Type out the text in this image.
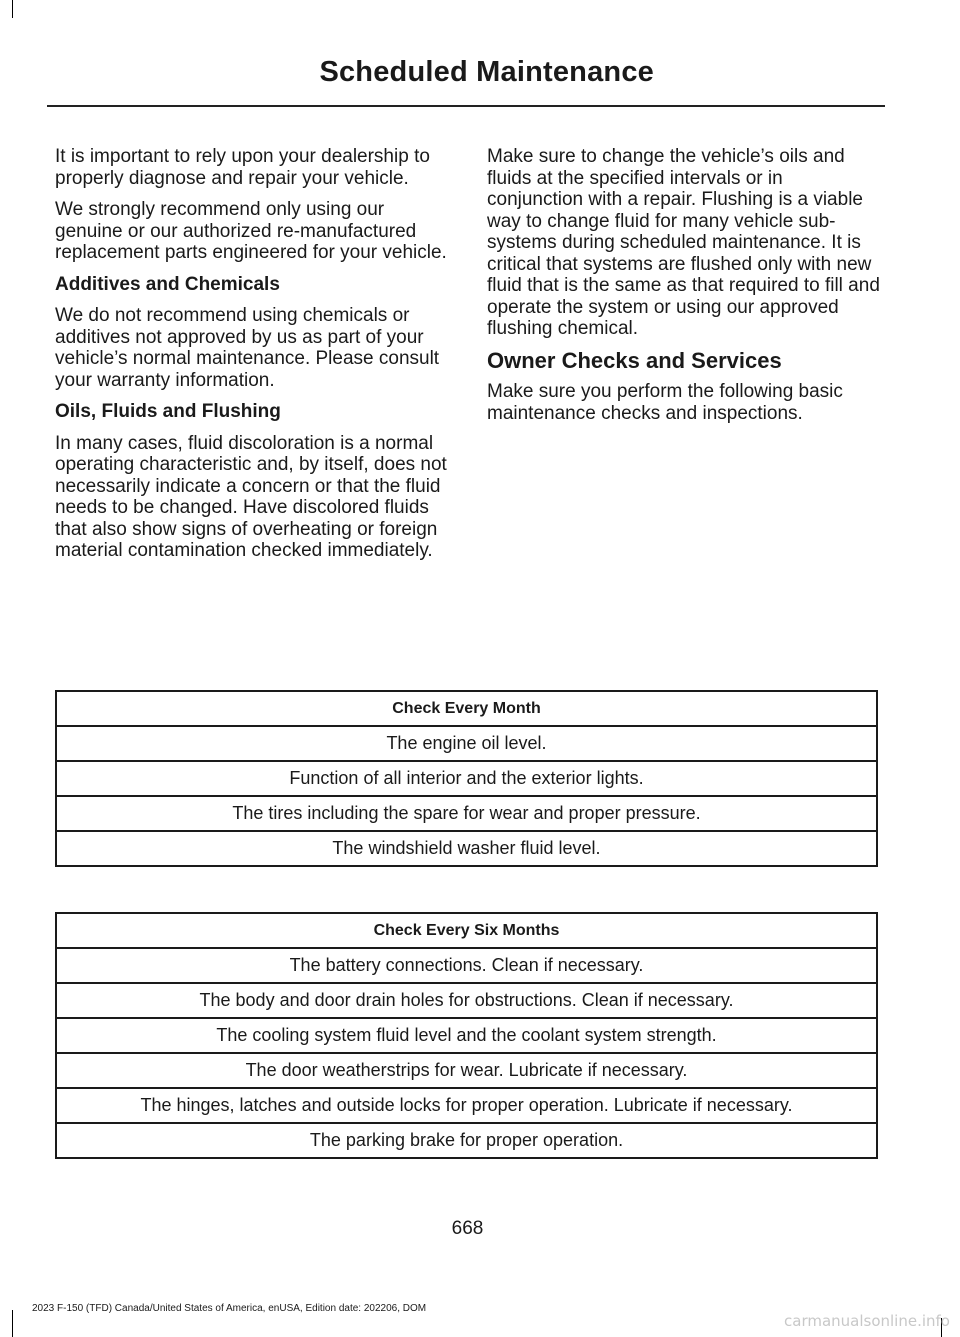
Scheduled Maintenance

It is important to rely upon your dealership to properly diagnose and repair your vehicle.

We strongly recommend only using our genuine or our authorized re-manufactured replacement parts engineered for your vehicle.

Additives and Chemicals

We do not recommend using chemicals or additives not approved by us as part of your vehicle’s normal maintenance. Please consult your warranty information.

Oils, Fluids and Flushing

In many cases, fluid discoloration is a normal operating characteristic and, by itself, does not necessarily indicate a concern or that the fluid needs to be changed. Have discolored fluids that also show signs of overheating or foreign material contamination checked immediately.

Make sure to change the vehicle’s oils and fluids at the specified intervals or in conjunction with a repair. Flushing is a viable way to change fluid for many vehicle sub-systems during scheduled maintenance. It is critical that systems are flushed only with new fluid that is the same as that required to fill and operate the system or using our approved flushing chemical.

Owner Checks and Services

Make sure you perform the following basic maintenance checks and inspections.

Check Every Month
The engine oil level.
Function of all interior and the exterior lights.
The tires including the spare for wear and proper pressure.
The windshield washer fluid level.
Check Every Six Months
The battery connections. Clean if necessary.
The body and door drain holes for obstructions. Clean if necessary.
The cooling system fluid level and the coolant system strength.
The door weatherstrips for wear. Lubricate if necessary.
The hinges, latches and outside locks for proper operation. Lubricate if necessary.
The parking brake for proper operation.
668
2023 F-150 (TFD) Canada/United States of America, enUSA, Edition date: 202206, DOM
carmanualsonline.info
